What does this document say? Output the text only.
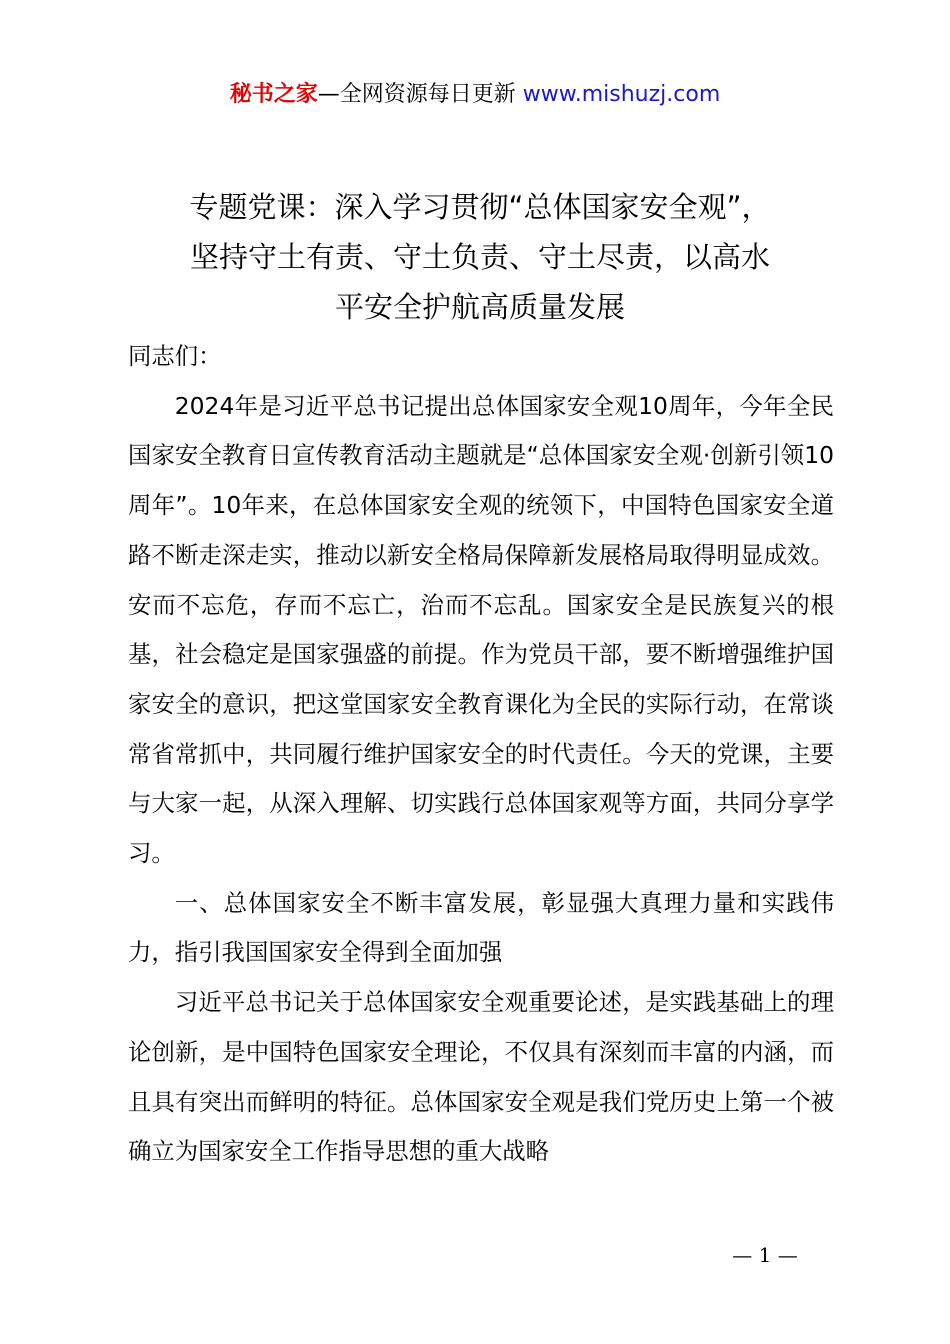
秘书之家—全网资源每日更新 www.mishuzj.com
专题党课：深入学习贯彻“总体国家安全观”，
坚持守土有责、守土负责、守土尽责，以高水
平安全护航高质量发展

同志们：

2024年是习近平总书记提出总体国家安全观10周年，今年全民国家安全教育日宣传教育活动主题就是“总体国家安全观·创新引领10周年”。10年来，在总体国家安全观的统领下，中国特色国家安全道路不断走深走实，推动以新安全格局保障新发展格局取得明显成效。安而不忘危，存而不忘亡，治而不忘乱。国家安全是民族复兴的根基，社会稳定是国家强盛的前提。作为党员干部，要不断增强维护国家安全的意识，把这堂国家安全教育课化为全民的实际行动，在常谈常省常抓中，共同履行维护国家安全的时代责任。今天的党课，主要与大家一起，从深入理解、切实践行总体国家观等方面，共同分享学习。

一、总体国家安全不断丰富发展，彰显强大真理力量和实践伟力，指引我国国家安全得到全面加强

习近平总书记关于总体国家安全观重要论述，是实践基础上的理论创新，是中国特色国家安全理论，不仅具有深刻而丰富的内涵，而且具有突出而鲜明的特征。总体国家安全观是我们党历史上第一个被确立为国家安全工作指导思想的重大战略

— 1 —
